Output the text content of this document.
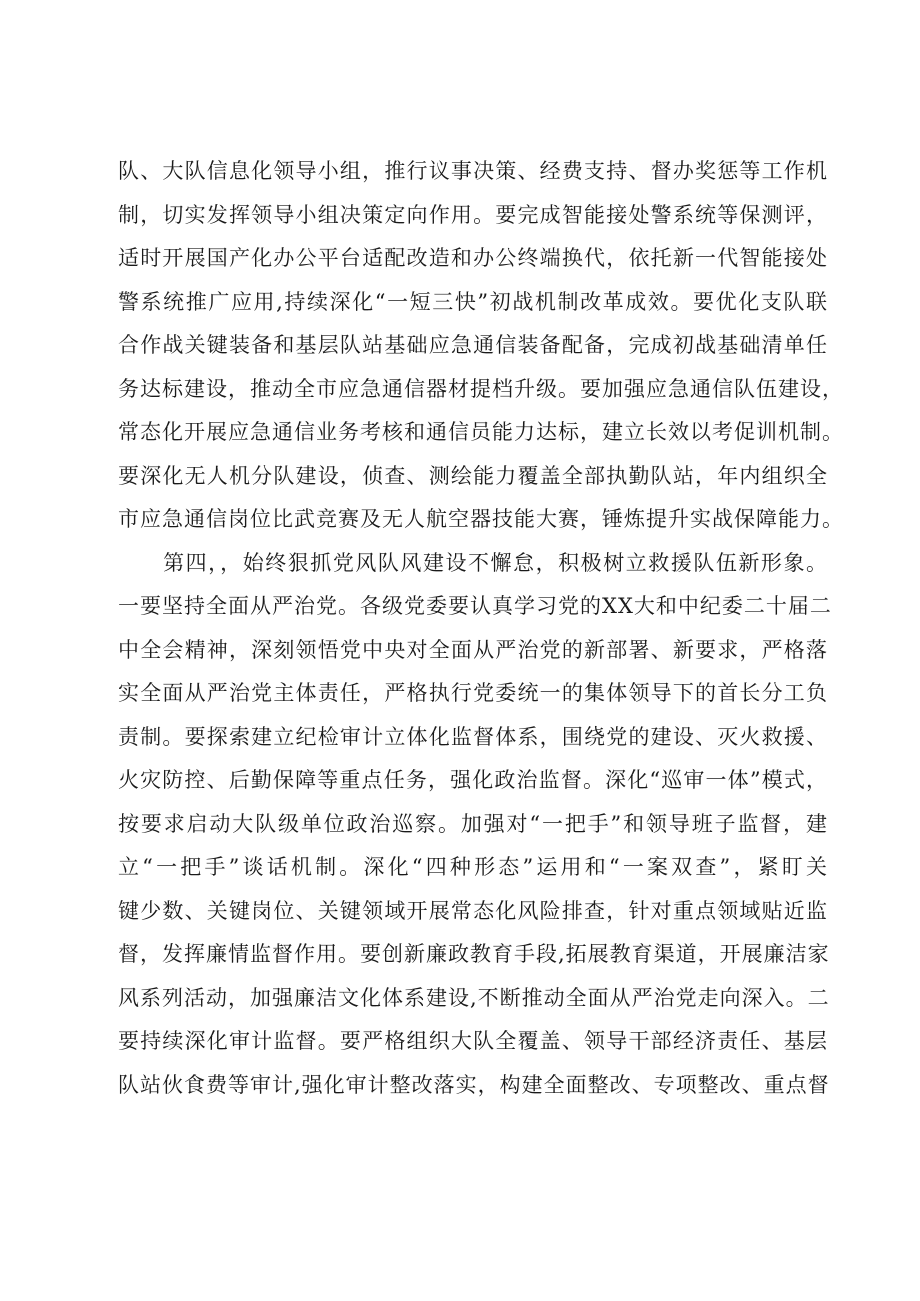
队、大队信息化领导小组，推行议事决策、经费支持、督办奖惩等工作机
制，切实发挥领导小组决策定向作用。要完成智能接处警系统等保测评，
适时开展国产化办公平台适配改造和办公终端换代，依托新一代智能接处
警系统推广应用,持续深化“一短三快”初战机制改革成效。要优化支队联
合作战关键装备和基层队站基础应急通信装备配备，完成初战基础清单任
务达标建设，推动全市应急通信器材提档升级。要加强应急通信队伍建设，
常态化开展应急通信业务考核和通信员能力达标，建立长效以考促训机制。
要深化无人机分队建设，侦查、测绘能力覆盖全部执勤队站，年内组织全
市应急通信岗位比武竞赛及无人航空器技能大赛，锤炼提升实战保障能力。
　　第四，，始终狠抓党风队风建设不懈怠，积极树立救援队伍新形象。
一要坚持全面从严治党。各级党委要认真学习党的XX大和中纪委二十届二
中全会精神，深刻领悟党中央对全面从严治党的新部署、新要求，严格落
实全面从严治党主体责任，严格执行党委统一的集体领导下的首长分工负
责制。要探索建立纪检审计立体化监督体系，围绕党的建设、灭火救援、
火灾防控、后勤保障等重点任务，强化政治监督。深化“巡审一体”模式，
按要求启动大队级单位政治巡察。加强对“一把手”和领导班子监督，建
立“一把手”谈话机制。深化“四种形态”运用和“一案双查”，紧盯关
键少数、关键岗位、关键领域开展常态化风险排查，针对重点领域贴近监
督，发挥廉情监督作用。要创新廉政教育手段,拓展教育渠道，开展廉洁家
风系列活动，加强廉洁文化体系建设,不断推动全面从严治党走向深入。二
要持续深化审计监督。要严格组织大队全覆盖、领导干部经济责任、基层
队站伙食费等审计,强化审计整改落实，构建全面整改、专项整改、重点督
